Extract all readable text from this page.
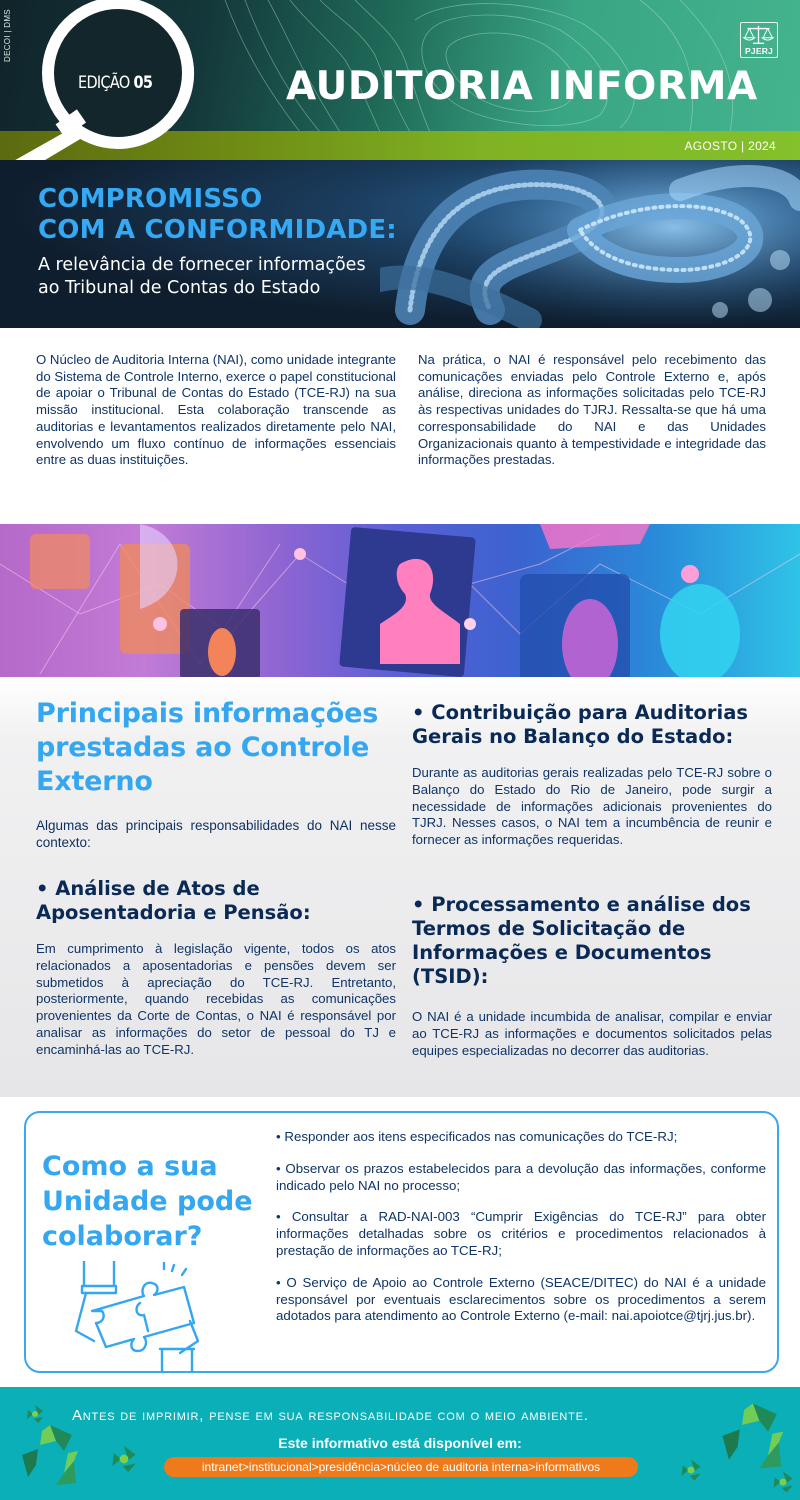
DECOI | DMS
EDIÇÃO 05	AUDITORIA INFORMA
PJERJ
AGOSTO | 2024
COMPROMISSO
COM A CONFORMIDADE:
A relevância de fornecer informações
ao Tribunal de Contas do Estado

O Núcleo de Auditoria Interna (NAI), como unidade integrante do Sistema de Controle Interno, exerce o papel constitucional de apoiar o Tribunal de Contas do Estado (TCE-RJ) na sua missão institucional. Esta colaboração transcende as auditorias e levantamentos realizados diretamente pelo NAI, envolvendo um fluxo contínuo de informações essenciais entre as duas instituições.

Na prática, o NAI é responsável pelo recebimento das comunicações enviadas pelo Controle Externo e, após análise, direciona as informações solicitadas pelo TCE-RJ às respectivas unidades do TJRJ. Ressalta-se que há uma corresponsabilidade do NAI e das Unidades Organizacionais quanto à tempestividade e integridade das informações prestadas.

Principais informações prestadas ao Controle Externo

Algumas das principais responsabilidades do NAI nesse contexto:

• Análise de Atos de Aposentadoria e Pensão:

Em cumprimento à legislação vigente, todos os atos relacionados a aposentadorias e pensões devem ser submetidos à apreciação do TCE-RJ. Entretanto, posteriormente, quando recebidas as comunicações provenientes da Corte de Contas, o NAI é responsável por analisar as informações do setor de pessoal do TJ e encaminhá-las ao TCE-RJ.

• Contribuição para Auditorias Gerais no Balanço do Estado:

Durante as auditorias gerais realizadas pelo TCE-RJ sobre o Balanço do Estado do Rio de Janeiro, pode surgir a necessidade de informações adicionais provenientes do TJRJ. Nesses casos, o NAI tem a incumbência de reunir e fornecer as informações requeridas.

• Processamento e análise dos Termos de Solicitação de Informações e Documentos (TSID):

O NAI é a unidade incumbida de analisar, compilar e enviar ao TCE-RJ as informações e documentos solicitados pelas equipes especializadas no decorrer das auditorias.

Como a sua Unidade pode colaborar?
• Responder aos itens especificados nas comunicações do TCE-RJ;
• Observar os prazos estabelecidos para a devolução das informações, conforme indicado pelo NAI no processo;
• Consultar a RAD-NAI-003 “Cumprir Exigências do TCE-RJ” para obter informações detalhadas sobre os critérios e procedimentos relacionados à prestação de informações ao TCE-RJ;
• O Serviço de Apoio ao Controle Externo (SEACE/DITEC) do NAI é a unidade responsável por eventuais esclarecimentos sobre os procedimentos a serem adotados para atendimento ao Controle Externo (e-mail: nai.apoiotce@tjrj.jus.br).
Antes de imprimir, pense em sua responsabilidade com o meio ambiente.
Este informativo está disponível em:
intranet>institucional>presidência>núcleo de auditoria interna>informativos
